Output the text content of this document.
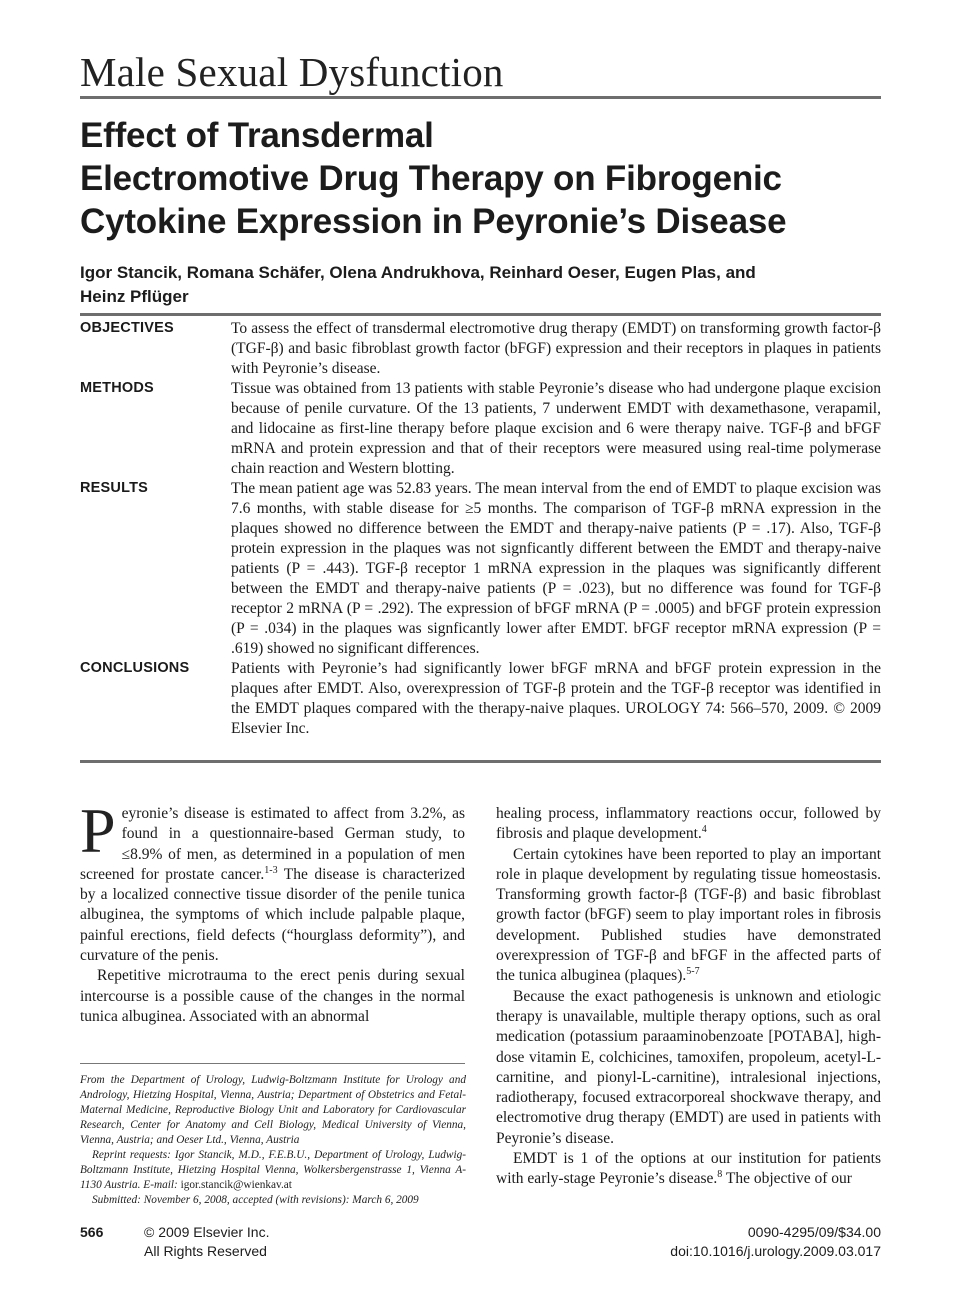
Male Sexual Dysfunction
Effect of Transdermal
Electromotive Drug Therapy on Fibrogenic
Cytokine Expression in Peyronie’s Disease
Igor Stancik, Romana Schäfer, Olena Andrukhova, Reinhard Oeser, Eugen Plas, and
Heinz Pflüger
OBJECTIVES	To assess the effect of transdermal electromotive drug therapy (EMDT) on transforming growth factor-β (TGF-β) and basic fibroblast growth factor (bFGF) expression and their receptors in plaques in patients with Peyronie’s disease.
METHODS	Tissue was obtained from 13 patients with stable Peyronie’s disease who had undergone plaque excision because of penile curvature. Of the 13 patients, 7 underwent EMDT with dexamethasone, verapamil, and lidocaine as first-line therapy before plaque excision and 6 were therapy naive. TGF-β and bFGF mRNA and protein expression and that of their receptors were measured using real-time polymerase chain reaction and Western blotting.
RESULTS	The mean patient age was 52.83 years. The mean interval from the end of EMDT to plaque excision was 7.6 months, with stable disease for ≥5 months. The comparison of TGF-β mRNA expression in the plaques showed no difference between the EMDT and therapy-naive patients (P = .17). Also, TGF-β protein expression in the plaques was not signficantly different between the EMDT and therapy-naive patients (P = .443). TGF-β receptor 1 mRNA expression in the plaques was significantly different between the EMDT and therapy-naive patients (P = .023), but no difference was found for TGF-β receptor 2 mRNA (P = .292). The expression of bFGF mRNA (P = .0005) and bFGF protein expression (P = .034) in the plaques was signficantly lower after EMDT. bFGF receptor mRNA expression (P = .619) showed no significant differences.
CONCLUSIONS	Patients with Peyronie’s had significantly lower bFGF mRNA and bFGF protein expression in the plaques after EMDT. Also, overexpression of TGF-β protein and the TGF-β receptor was identified in the EMDT plaques compared with the therapy-naive plaques. UROLOGY 74: 566–570, 2009. © 2009 Elsevier Inc.

Peyronie’s disease is estimated to affect from 3.2%, as found in a questionnaire-based German study, to ≤8.9% of men, as determined in a population of men screened for prostate cancer.$^{1-3}$ The disease is characterized by a localized connective tissue disorder of the penile tunica albuginea, the symptoms of which include palpable plaque, painful erections, field defects (“hourglass deformity”), and curvature of the penis.

Repetitive microtrauma to the erect penis during sexual intercourse is a possible cause of the changes in the normal tunica albuginea. Associated with an abnormal

From the Department of Urology, Ludwig-Boltzmann Institute for Urology and Andrology, Hietzing Hospital, Vienna, Austria; Department of Obstetrics and Fetal-Maternal Medicine, Reproductive Biology Unit and Laboratory for Cardiovascular Research, Center for Anatomy and Cell Biology, Medical University of Vienna, Vienna, Austria; and Oeser Ltd., Vienna, Austria

Reprint requests: Igor Stancik, M.D., F.E.B.U., Department of Urology, Ludwig-Boltzmann Institute, Hietzing Hospital Vienna, Wolkersbergenstrasse 1, Vienna A-1130 Austria. E-mail: igor.stancik@wienkav.at

Submitted: November 6, 2008, accepted (with revisions): March 6, 2009

healing process, inflammatory reactions occur, followed by fibrosis and plaque development.$^4$

Certain cytokines have been reported to play an important role in plaque development by regulating tissue homeostasis. Transforming growth factor-β (TGF-β) and basic fibroblast growth factor (bFGF) seem to play important roles in fibrosis development. Published studies have demonstrated overexpression of TGF-β and bFGF in the affected parts of the tunica albuginea (plaques).$^{5-7}$

Because the exact pathogenesis is unknown and etiologic therapy is unavailable, multiple therapy options, such as oral medication (potassium paraaminobenzoate [POTABA], high-dose vitamin E, colchicines, tamoxifen, propoleum, acetyl-L-carnitine, and pionyl-L-carnitine), intralesional injections, radiotherapy, focused extracorporeal shockwave therapy, and electromotive drug therapy (EMDT) are used in patients with Peyronie’s disease.

EMDT is 1 of the options at our institution for patients with early-stage Peyronie’s disease.$^8$ The objective of our

566	© 2009 Elsevier Inc.
All Rights Reserved
0090-4295/09/$34.00
doi:10.1016/j.urology.2009.03.017
